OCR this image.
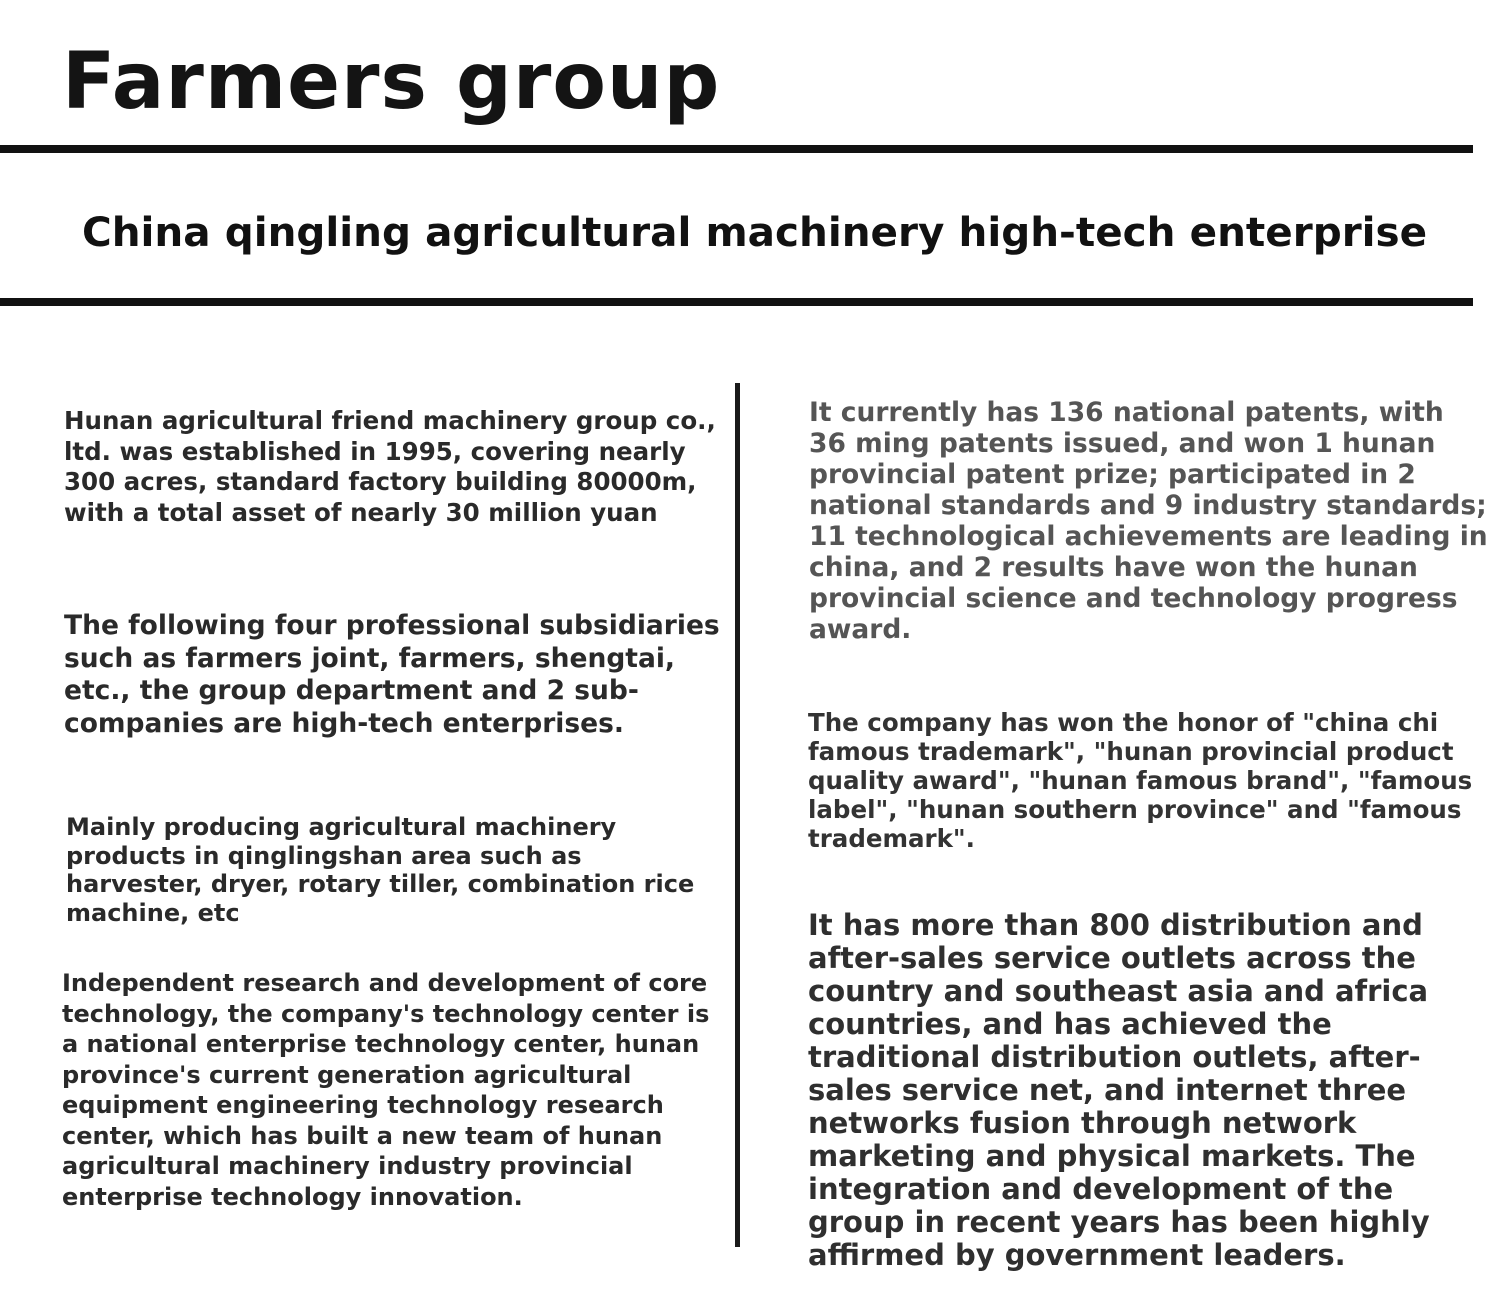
Farmers group
China qingling agricultural machinery high-tech enterprise

Hunan agricultural friend machinery group co., ltd. was established in 1995, covering nearly 300 acres, standard factory building 80000m, with a total asset of nearly 30 million yuan

The following four professional subsidiaries such as farmers joint, farmers, shengtai, etc., the group department and 2 sub-companies are high-tech enterprises.

Mainly producing agricultural machinery products in qinglingshan area such as harvester, dryer, rotary tiller, combination rice machine, etc

Independent research and development of core technology, the company's technology center is a national enterprise technology center, hunan province's current generation agricultural equipment engineering technology research center, which has built a new team of hunan agricultural machinery industry provincial enterprise technology innovation.

It currently has 136 national patents, with 36 ming patents issued, and won 1 hunan provincial patent prize; participated in 2 national standards and 9 industry standards; 11 technological achievements are leading in china, and 2 results have won the hunan provincial science and technology progress award.

The company has won the honor of "china chi famous trademark", "hunan provincial product quality award", "hunan famous brand", "famous label", "hunan southern province" and "famous trademark".

It has more than 800 distribution and after-sales service outlets across the country and southeast asia and africa countries, and has achieved the traditional distribution outlets, after-sales service net, and internet three networks fusion through network marketing and physical markets. The integration and development of the group in recent years has been highly affirmed by government leaders.
